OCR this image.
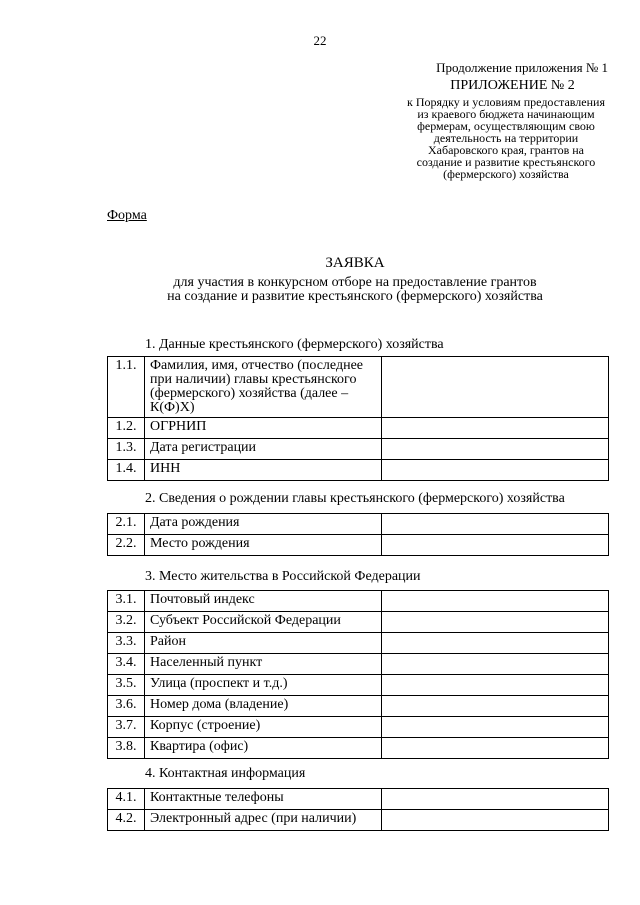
22
Продолжение приложения № 1
ПРИЛОЖЕНИЕ № 2
к Порядку и условиям предоставления
из краевого бюджета начинающим
фермерам, осуществляющим свою
деятельность на территории
Хабаровского края, грантов на
создание и развитие крестьянского
(фермерского) хозяйства
Форма
ЗАЯВКА
для участия в конкурсном отборе на предоставление грантов
на создание и развитие крестьянского (фермерского) хозяйства
1. Данные крестьянского (фермерского) хозяйства
1.1.	Фамилия, имя, отчество (последнее при наличии) главы крестьянского (фермерского) хозяйства (далее – К(Ф)Х)	
1.2.	ОГРНИП	
1.3.	Дата регистрации	
1.4.	ИНН	
2. Сведения о рождении главы крестьянского (фермерского) хозяйства
2.1.	Дата рождения	
2.2.	Место рождения	
3. Место жительства в Российской Федерации
3.1.	Почтовый индекс	
3.2.	Субъект Российской Федерации	
3.3.	Район	
3.4.	Населенный пункт	
3.5.	Улица (проспект и т.д.)	
3.6.	Номер дома (владение)	
3.7.	Корпус (строение)	
3.8.	Квартира (офис)	
4. Контактная информация
4.1.	Контактные телефоны	
4.2.	Электронный адрес (при наличии)	
